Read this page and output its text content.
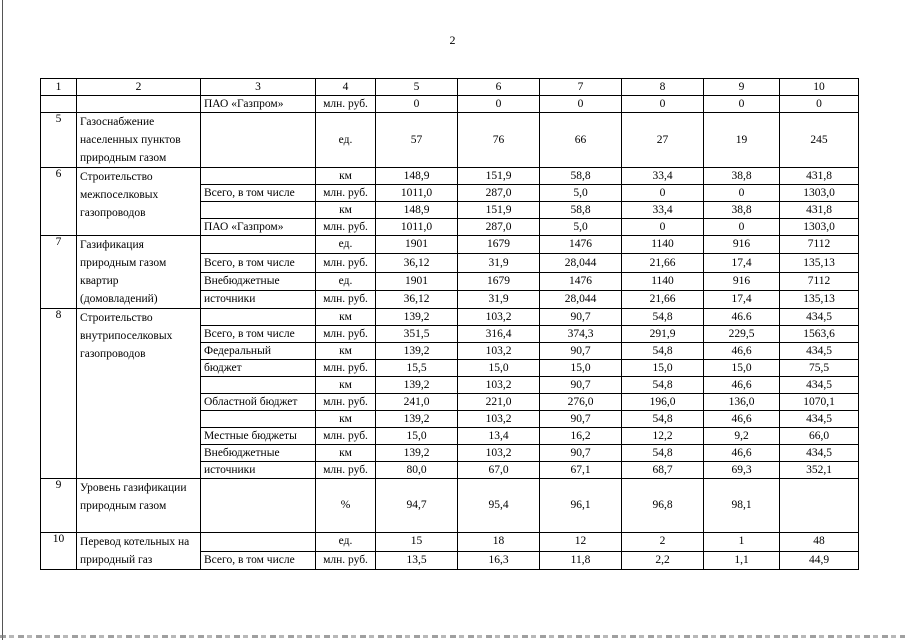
2
1	2	3	4	5	6	7	8	9	10
		ПАО «Газпром»	млн. руб.	0	0	0	0	0	0
5	Газоснабжение населенных пунктов природным газом		ед.	57	76	66	27	19	245
6	Строительство межпоселковых газопроводов		км	148,9	151,9	58,8	33,4	38,8	431,8
		Всего, в том числе	млн. руб.	1011,0	287,0	5,0	0	0	1303,0
			км	148,9	151,9	58,8	33,4	38,8	431,8
		ПАО «Газпром»	млн. руб.	1011,0	287,0	5,0	0	0	1303,0
7	Газификация природным газом квартир (домовладений)		ед.	1901	1679	1476	1140	916	7112
		Всего, в том числе	млн. руб.	36,12	31,9	28,044	21,66	17,4	135,13
		Внебюджетные	ед.	1901	1679	1476	1140	916	7112
		источники	млн. руб.	36,12	31,9	28,044	21,66	17,4	135,13
8	Строительство внутрипоселковых газопроводов		км	139,2	103,2	90,7	54,8	46.6	434,5
		Всего, в том числе	млн. руб.	351,5	316,4	374,3	291,9	229,5	1563,6
		Федеральный	км	139,2	103,2	90,7	54,8	46,6	434,5
		бюджет	млн. руб.	15,5	15,0	15,0	15,0	15,0	75,5
			км	139,2	103,2	90,7	54,8	46,6	434,5
		Областной бюджет	млн. руб.	241,0	221,0	276,0	196,0	136,0	1070,1
			км	139,2	103,2	90,7	54,8	46,6	434,5
		Местные бюджеты	млн. руб.	15,0	13,4	16,2	12,2	9,2	66,0
		Внебюджетные	км	139,2	103,2	90,7	54,8	46,6	434,5
		источники	млн. руб.	80,0	67,0	67,1	68,7	69,3	352,1
9	Уровень газификации природным газом		%	94,7	95,4	96,1	96,8	98,1	
10	Перевод котельных на природный газ		ед.	15	18	12	2	1	48
		Всего, в том числе	млн. руб.	13,5	16,3	11,8	2,2	1,1	44,9
